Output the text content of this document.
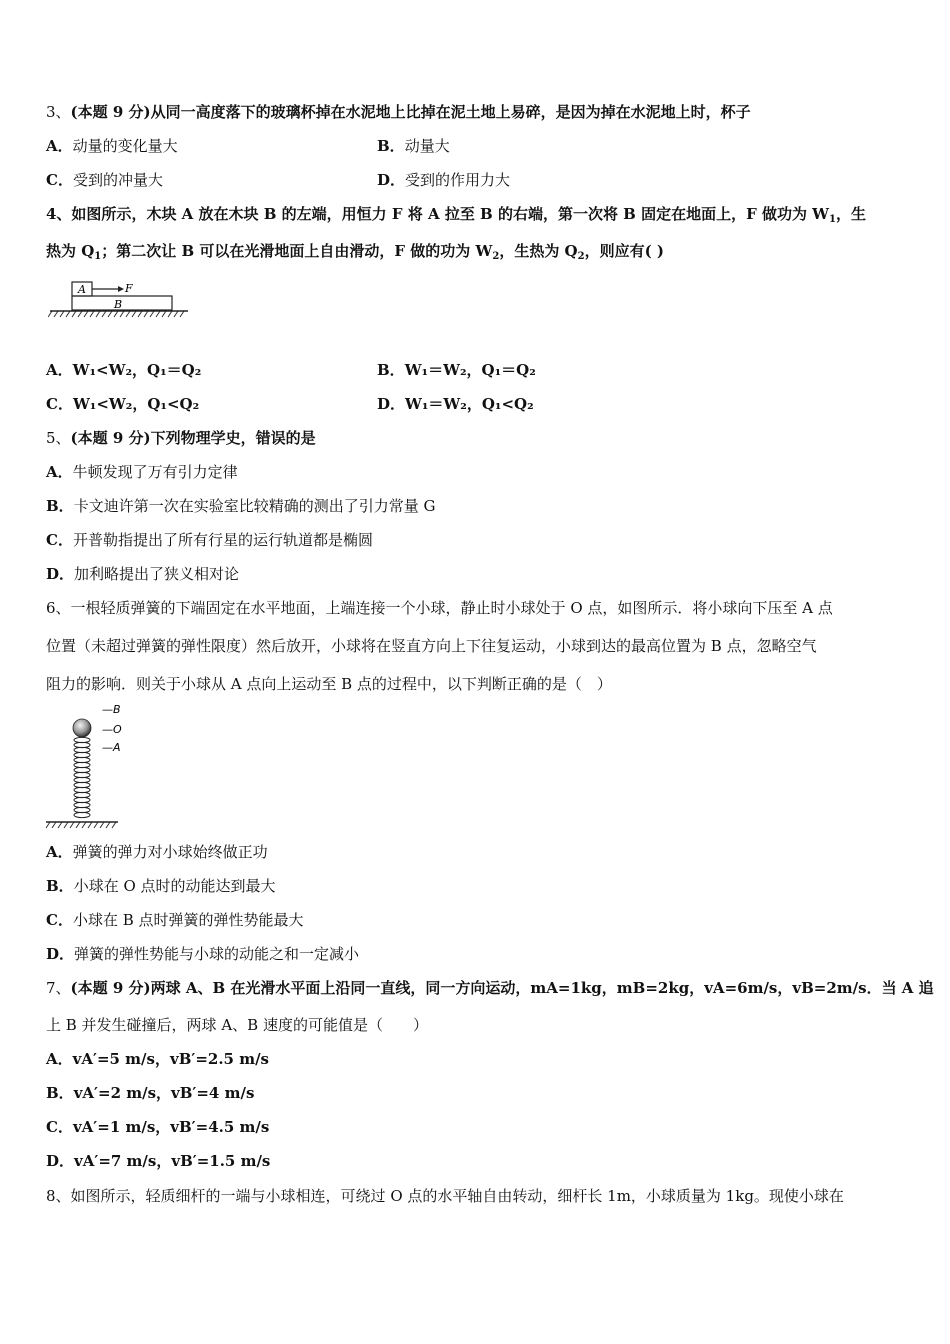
3、(本题 9 分)从同一高度落下的玻璃杯掉在水泥地上比掉在泥土地上易碎，是因为掉在水泥地上时，杯子
A．动量的变化量大	B．动量大
C．受到的冲量大	D．受到的作用力大
4、如图所示，木块 A 放在木块 B 的左端，用恒力 F 将 A 拉至 B 的右端，第一次将 B 固定在地面上，F 做功为 $W_1$，生
热为 $Q_1$；第二次让 B 可以在光滑地面上自由滑动，F 做的功为 $W_2$，生热为 $Q_2$，则应有( )
A	F
B
A．W₁<W₂，Q₁＝Q₂	B．W₁＝W₂，Q₁＝Q₂
C．W₁<W₂，Q₁<Q₂	D．W₁＝W₂，Q₁<Q₂
5、(本题 9 分)下列物理学史，错误的是
A．牛顿发现了万有引力定律
B．卡文迪许第一次在实验室比较精确的测出了引力常量 G
C．开普勒指提出了所有行星的运行轨道都是椭圆
D．加利略提出了狭义相对论
6、一根轻质弹簧的下端固定在水平地面，上端连接一个小球，静止时小球处于 O 点，如图所示．将小球向下压至 A 点
位置（未超过弹簧的弹性限度）然后放开，小球将在竖直方向上下往复运动，小球到达的最高位置为 B 点，忽略空气
阻力的影响．则关于小球从 A 点向上运动至 B 点的过程中，以下判断正确的是（　）
—B
—O
—A
A．弹簧的弹力对小球始终做正功
B．小球在 O 点时的动能达到最大
C．小球在 B 点时弹簧的弹性势能最大
D．弹簧的弹性势能与小球的动能之和一定减小
7、(本题 9 分)两球 A、B 在光滑水平面上沿同一直线，同一方向运动，mA=1kg，mB=2kg，vA=6m/s，vB=2m/s．当 A 追
上 B 并发生碰撞后，两球 A、B 速度的可能值是（　　）
A．vA′=5 m/s，vB′=2.5 m/s
B．vA′=2 m/s，vB′=4 m/s
C．vA′=1 m/s，vB′=4.5 m/s
D．vA′=7 m/s，vB′=1.5 m/s
8、如图所示，轻质细杆的一端与小球相连，可绕过 O 点的水平轴自由转动，细杆长 1m，小球质量为 1kg。现使小球在
